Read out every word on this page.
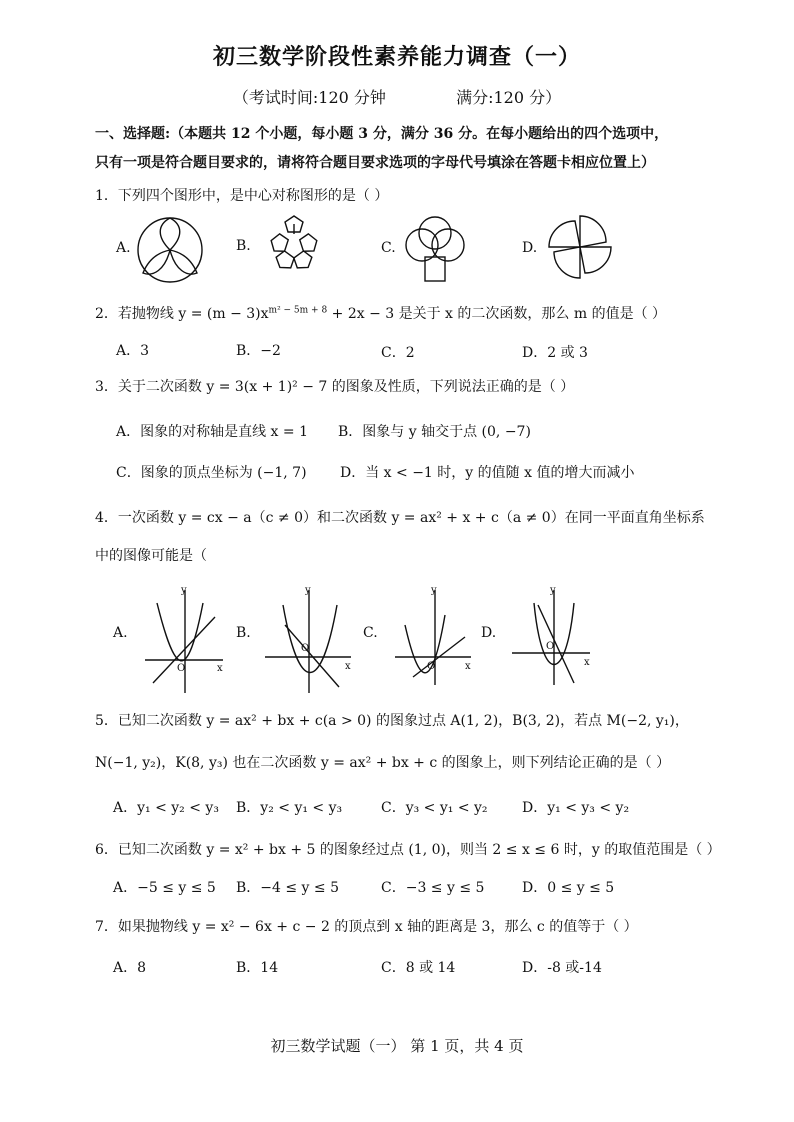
初三数学阶段性素养能力调查（一）
（考试时间:120 分钟	满分:120 分）
一、选择题:（本题共 12 个小题，每小题 3 分，满分 36 分。在每小题给出的四个选项中，
只有一项是符合题目要求的，请将符合题目要求选项的字母代号填涂在答题卡相应位置上）
1．下列四个图形中，是中心对称图形的是（ ）
A.	B.	C.	D.
2．若抛物线 $y = (m - 3)x^{m^2 - 5m + 8} + 2x - 3$ 是关于 x 的二次函数，那么 m 的值是（ ）
A．3	B．−2	C．2	D．2 或 3
3．关于二次函数 y = 3(x + 1)² − 7 的图象及性质，下列说法正确的是（ ）
A．图象的对称轴是直线 x = 1 B．图象与 y 轴交于点 (0, −7)
C．图象的顶点坐标为 (−1, 7) D．当 x < −1 时，y 的值随 x 值的增大而减小
4．一次函数 y = cx − a（c ≠ 0）和二次函数 y = ax² + x + c（a ≠ 0）在同一平面直角坐标系
中的图像可能是（
A.
y
x
O
B.
y
x
O
C.
y
x
O
D.
y
x
O
5．已知二次函数 y = ax² + bx + c(a > 0) 的图象过点 A(1, 2)，B(3, 2)，若点 M(−2, y₁)，
N(−1, y₂)，K(8, y₃) 也在二次函数 y = ax² + bx + c 的图象上，则下列结论正确的是（ ）
A．y₁ < y₂ < y₃ B．y₂ < y₁ < y₃	C．y₃ < y₁ < y₂ D．y₁ < y₃ < y₂
6．已知二次函数 y = x² + bx + 5 的图象经过点 (1, 0)，则当 2 ≤ x ≤ 6 时，y 的取值范围是（ ）
A．−5 ≤ y ≤ 5 B．−4 ≤ y ≤ 5	C．−3 ≤ y ≤ 5	D．0 ≤ y ≤ 5
7．如果抛物线 y = x² − 6x + c − 2 的顶点到 x 轴的距离是 3，那么 c 的值等于（ ）
A．8	B．14	C．8 或 14	D．-8 或-14
初三数学试题（一） 第 1 页，共 4 页
